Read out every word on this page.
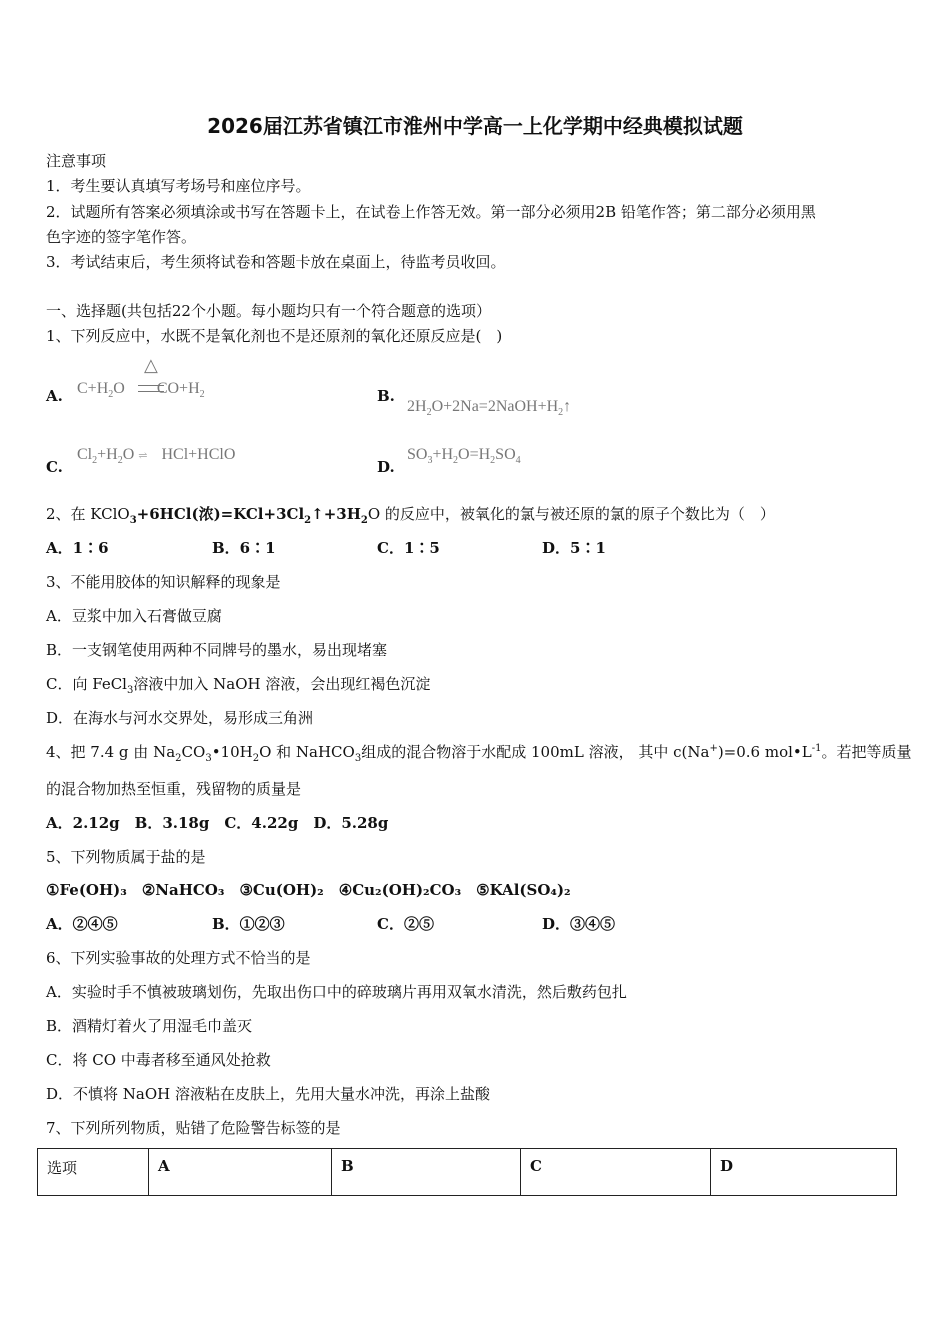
2026届江苏省镇江市淮州中学高一上化学期中经典模拟试题
注意事项
1．考生要认真填写考场号和座位序号。
2．试题所有答案必须填涂或书写在答题卡上，在试卷上作答无效。第一部分必须用2B 铅笔作答；第二部分必须用黑
色字迹的签字笔作答。
3．考试结束后，考生须将试卷和答题卡放在桌面上，待监考员收回。
一、选择题(共包括22个小题。每小题均只有一个符合题意的选项）
1、下列反应中，水既不是氧化剂也不是还原剂的氧化还原反应是(　)
A. $C+H_2O$ $CO+H_2$
△
B.
$2H_2O+2Na=2NaOH+H_2↑$
C.
$Cl_2+H_2O$ ⇌ HCl+HClO
D.
$SO_3+H_2O=H_2SO_4$
2、在 KClO$_3$+6HCl(浓)$=KCl+3Cl_2↑+3H_2O$ 的反应中，被氧化的氯与被还原的氯的原子个数比为（　）
A．1∶6	B．6∶1	C．1∶5	D．5∶1
3、不能用胶体的知识解释的现象是
A．豆浆中加入石膏做豆腐
B．一支钢笔使用两种不同牌号的墨水，易出现堵塞
C．向 FeCl$_3$溶液中加入 NaOH 溶液，会出现红褐色沉淀
D．在海水与河水交界处，易形成三角洲
4、把 7.4 g 由 $Na_2CO_3•10H_2O$ 和 NaHCO$_3$组成的混合物溶于水配成 100mL 溶液， 其中 c(Na+)=0.6 $mol•L^{-1}$。若把等质量
的混合物加热至恒重，残留物的质量是
A．2.12g　B．3.18g　C．4.22g　D．5.28g
5、下列物质属于盐的是
①Fe(OH)₃　②NaHCO₃　③Cu(OH)₂　④Cu₂(OH)₂CO₃　⑤KAl(SO₄)₂
A．②④⑤	B．①②③	C．②⑤	D．③④⑤
6、下列实验事故的处理方式不恰当的是
A．实验时手不慎被玻璃划伤，先取出伤口中的碎玻璃片再用双氧水清洗，然后敷药包扎
B．酒精灯着火了用湿毛巾盖灭
C．将 CO 中毒者移至通风处抢救
D．不慎将 NaOH 溶液粘在皮肤上，先用大量水冲洗，再涂上盐酸
7、下列所列物质，贴错了危险警告标签的是
选项	A	B	C	D
